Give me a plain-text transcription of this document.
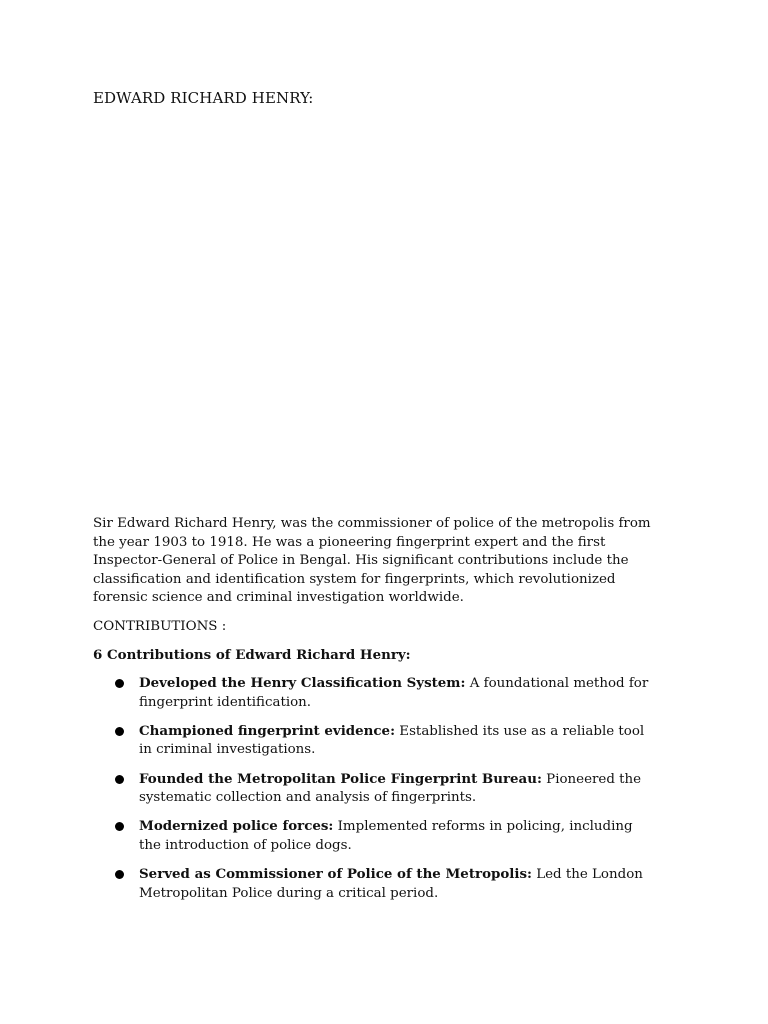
EDWARD RICHARD HENRY:

Sir Edward Richard Henry, was the commissioner of police of the metropolis from the year 1903 to 1918. He was a pioneering fingerprint expert and the first Inspector-General of Police in Bengal. His significant contributions include the classification and identification system for fingerprints, which revolutionized forensic science and criminal investigation worldwide.

CONTRIBUTIONS :

6 Contributions of Edward Richard Henry:

Developed the Henry Classification System: A foundational method for fingerprint identification.
Championed fingerprint evidence: Established its use as a reliable tool in criminal investigations.
Founded the Metropolitan Police Fingerprint Bureau: Pioneered the systematic collection and analysis of fingerprints.
Modernized police forces: Implemented reforms in policing, including the introduction of police dogs.
Served as Commissioner of Police of the Metropolis: Led the London Metropolitan Police during a critical period.
